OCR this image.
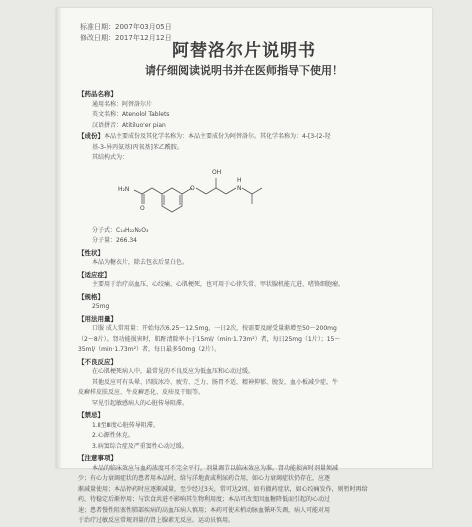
标准日期：2007年03月05日
修改日期：2017年12月12日
阿替洛尔片说明书
请仔细阅读说明书并在医师指导下使用！
【药品名称】
通用名称：阿替洛尔片
英文名称：Atenolol Tablets
汉语拼音：Atitiluo'er pian
【成份】本品主要成份及其化学名称为：本品主要成份为阿替洛尔。其化学名称为：4-[3-(2-羟
基-3-异丙氨基)丙氧基]苯乙酰胺。
其结构式为：
OH
H
N
H₂N
O
O
分子式：C₁₄H₂₂N₂O₃
分子量：266.34
【性状】
本品为糖衣片，除去包衣后显白色。
【适应症】
主要用于治疗高血压、心绞痛、心肌梗死，也可用于心律失常、甲状腺机能亢进、嗜铬细胞瘤。
【规格】
25mg
【用法用量】
口服 成人常用量：开始每次6.25～12.5mg，一日2次，按需要及耐受量渐增至50～200mg
（2～8片）。肾功能损害时，肌酐清除率小于15ml/（min·1.73m²）者，每日25mg（1片）；15～
35ml/（min·1.73m²）者，每日最多50mg（2片）。
【不良反应】
在心肌梗死病人中，最常见的不良反应为低血压和心动过缓。
其他反应可有头晕、四肢冰冷、疲劳、乏力、肠胃不适、精神抑郁、脱发、血小板减少症、牛
皮癣样皮肤反应、牛皮癣恶化、皮疹及干眼等。
罕见引起敏感病人的心脏传导阻滞。
【禁忌】
1.Ⅱ至Ⅲ度心脏传导阻滞。
2.心源性休克。
3.病窦综合症及严重窦性心动过缓。
【注意事项】
本品的临床效应与血药浓度可不完全平行，剂量调节以临床效应为准。肾功能损害时剂量须减
少；有心力衰竭症状的患者用本品时，给与洋地黄或利尿药合用，如心力衰竭症状仍存在，应逐
渐减量使用；本品停药时应逐渐减量，至少经过3天，常可达2周。如有撤药症状，如心绞痛发作，则暂时再给
药，待稳定后渐停用；与饮食共进不影响其生物利用度；本品可改变因血糖降低而引起的心动过
速；患者慢性阻塞性肺部疾病的高血压病人慎用；本药可使末梢动脉血循环失调，病人可能对用
于治疗过敏反应常规剂量的肾上腺素无反应。运动员慎用。
